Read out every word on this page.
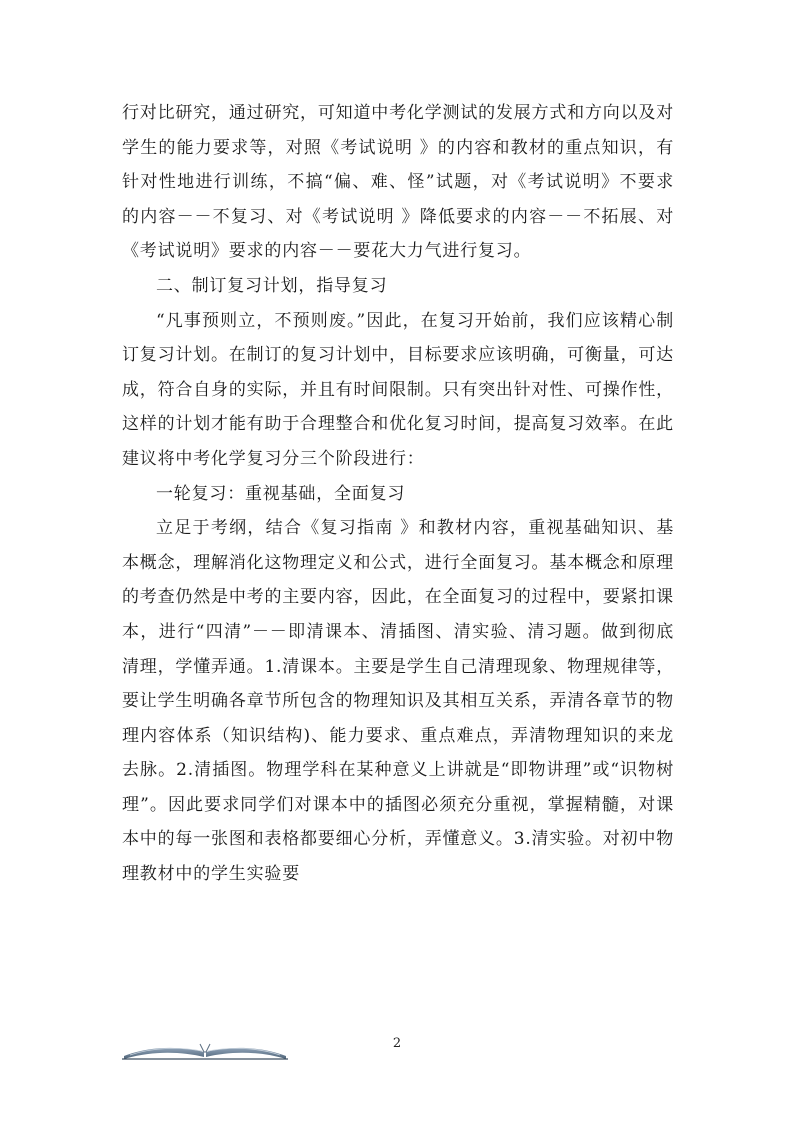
行对比研究，通过研究，可知道中考化学测试的发展方式和方向以及对学生的能力要求等，对照《考试说明 》的内容和教材的重点知识，有针对性地进行训练，不搞“偏、难、怪”试题，对《考试说明》不要求的内容－－不复习、对《考试说明 》降低要求的内容－－不拓展、对《考试说明》要求的内容－－要花大力气进行复习。

二、制订复习计划，指导复习

“凡事预则立，不预则废。”因此，在复习开始前，我们应该精心制订复习计划。在制订的复习计划中，目标要求应该明确，可衡量，可达成，符合自身的实际，并且有时间限制。只有突出针对性、可操作性，这样的计划才能有助于合理整合和优化复习时间，提高复习效率。在此建议将中考化学复习分三个阶段进行：

一轮复习：重视基础，全面复习

立足于考纲，结合《复习指南 》和教材内容，重视基础知识、基本概念，理解消化这物理定义和公式，进行全面复习。基本概念和原理的考查仍然是中考的主要内容，因此，在全面复习的过程中，要紧扣课本，进行“四清”－－即清课本、清插图、清实验、清习题。做到彻底清理，学懂弄通。1.清课本。主要是学生自己清理现象、物理规律等，要让学生明确各章节所包含的物理知识及其相互关系，弄清各章节的物理内容体系（知识结构)、能力要求、重点难点，弄清物理知识的来龙去脉。2.清插图。物理学科在某种意义上讲就是“即物讲理”或“识物树理”。因此要求同学们对课本中的插图必须充分重视，掌握精髓，对课本中的每一张图和表格都要细心分析，弄懂意义。3.清实验。对初中物理教材中的学生实验要

2
